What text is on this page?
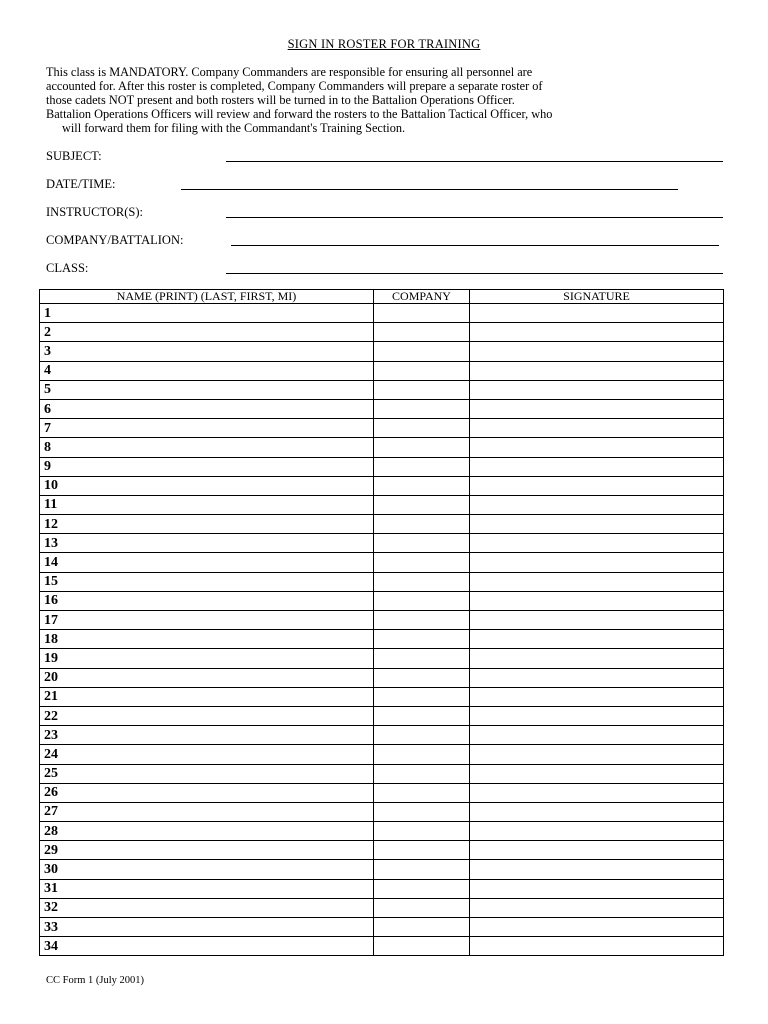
SIGN IN ROSTER FOR TRAINING
This class is MANDATORY. Company Commanders are responsible for ensuring all personnel are
accounted for. After this roster is completed, Company Commanders will prepare a separate roster of
those cadets NOT present and both rosters will be turned in to the Battalion Operations Officer.
Battalion Operations Officers will review and forward the rosters to the Battalion Tactical Officer, who
will forward them for filing with the Commandant's Training Section.
SUBJECT:
DATE/TIME:
INSTRUCTOR(S):
COMPANY/BATTALION:
CLASS:
NAME (PRINT) (LAST, FIRST, MI)	COMPANY	SIGNATURE
1		
2		
3		
4		
5		
6		
7		
8		
9		
10		
11		
12		
13		
14		
15		
16		
17		
18		
19		
20		
21		
22		
23		
24		
25		
26		
27		
28		
29		
30		
31		
32		
33		
34		
CC Form 1 (July 2001)
